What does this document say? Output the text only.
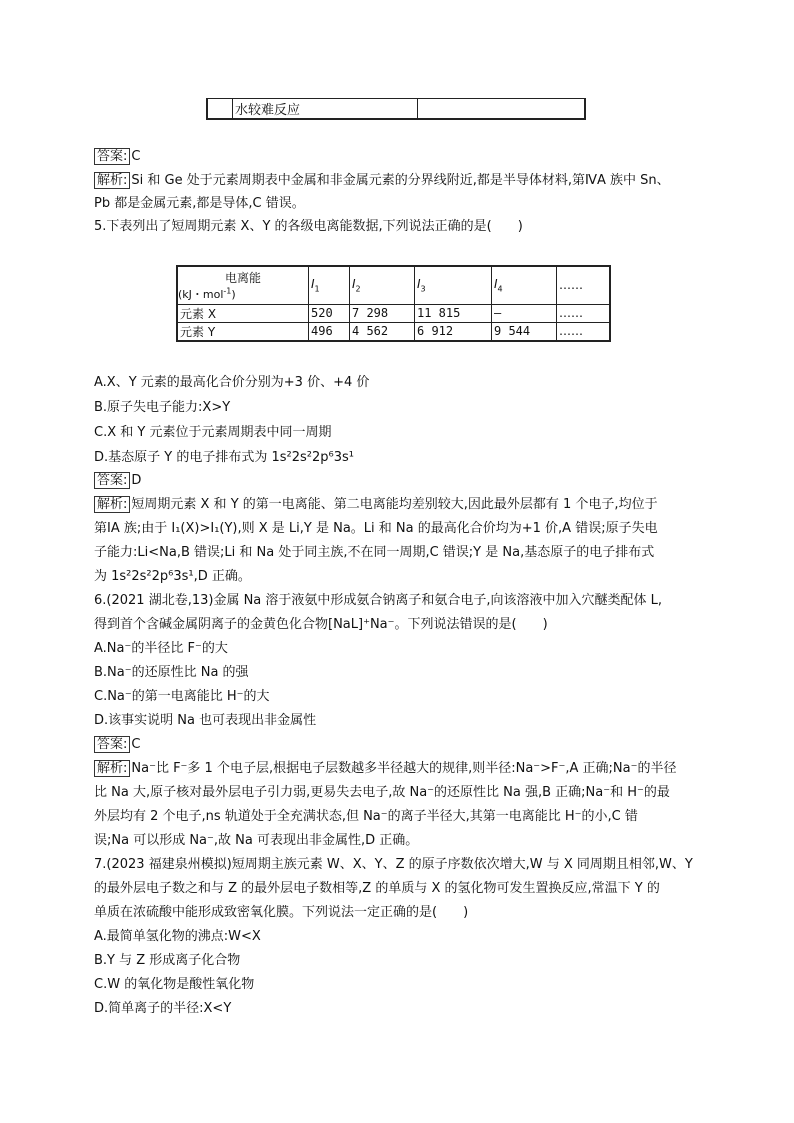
	水较难反应	
答案: C
解析: Si 和 Ge 处于元素周期表中金属和非金属元素的分界线附近,都是半导体材料,第ⅣA 族中 Sn、
Pb 都是金属元素,都是导体,C 错误。
5.下表列出了短周期元素 X、Y 的各级电离能数据,下列说法正确的是(　　)
电离能
(kJ・mol$^{-1}$)	$I_1$	$I_2$	$I_3$	$I_4$	……
元素 X	520	7 298	11 815	—	……
元素 Y	496	4 562	6 912	9 544	……
A.X、Y 元素的最高化合价分别为+3 价、+4 价
B.原子失电子能力:X>Y
C.X 和 Y 元素位于元素周期表中同一周期
D.基态原子 Y 的电子排布式为 1s²2s²2p⁶3s¹
答案: D
解析: 短周期元素 X 和 Y 的第一电离能、第二电离能均差别较大,因此最外层都有 1 个电子,均位于
第ⅠA 族;由于 I₁(X)>I₁(Y),则 X 是 Li,Y 是 Na。Li 和 Na 的最高化合价均为+1 价,A 错误;原子失电
子能力:Li<Na,B 错误;Li 和 Na 处于同主族,不在同一周期,C 错误;Y 是 Na,基态原子的电子排布式
为 1s²2s²2p⁶3s¹,D 正确。
6.(2021 湖北卷,13)金属 Na 溶于液氨中形成氨合钠离子和氨合电子,向该溶液中加入穴醚类配体 L,
得到首个含碱金属阴离子的金黄色化合物[NaL]⁺Na⁻。下列说法错误的是(　　)
A.Na⁻的半径比 F⁻的大
B.Na⁻的还原性比 Na 的强
C.Na⁻的第一电离能比 H⁻的大
D.该事实说明 Na 也可表现出非金属性
答案: C
解析: Na⁻比 F⁻多 1 个电子层,根据电子层数越多半径越大的规律,则半径:Na⁻>F⁻,A 正确;Na⁻的半径
比 Na 大,原子核对最外层电子引力弱,更易失去电子,故 Na⁻的还原性比 Na 强,B 正确;Na⁻和 H⁻的最
外层均有 2 个电子,ns 轨道处于全充满状态,但 Na⁻的离子半径大,其第一电离能比 H⁻的小,C 错
误;Na 可以形成 Na⁻,故 Na 可表现出非金属性,D 正确。
7.(2023 福建泉州模拟)短周期主族元素 W、X、Y、Z 的原子序数依次增大,W 与 X 同周期且相邻,W、Y
的最外层电子数之和与 Z 的最外层电子数相等,Z 的单质与 X 的氢化物可发生置换反应,常温下 Y 的
单质在浓硫酸中能形成致密氧化膜。下列说法一定正确的是(　　)
A.最简单氢化物的沸点:W<X
B.Y 与 Z 形成离子化合物
C.W 的氧化物是酸性氧化物
D.简单离子的半径:X<Y
